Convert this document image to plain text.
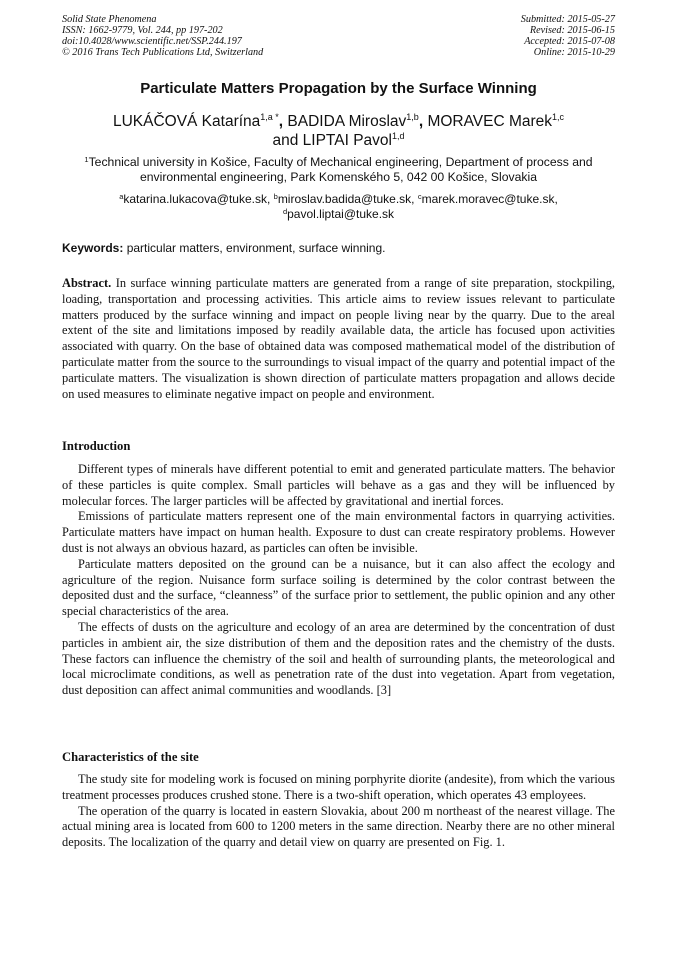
Solid State Phenomena
ISSN: 1662-9779, Vol. 244, pp 197-202
doi:10.4028/www.scientific.net/SSP.244.197
© 2016 Trans Tech Publications Ltd, Switzerland
Submitted: 2015-05-27
Revised: 2015-06-15
Accepted: 2015-07-08
Online: 2015-10-29
Particulate Matters Propagation by the Surface Winning
LUKÁČOVÁ Katarína$^{1,a *}$, BADIDA Miroslav$^{1,b}$, MORAVEC Marek$^{1,c}$
and LIPTAI Pavol$^{1,d}$
$^1$Technical university in Košice, Faculty of Mechanical engineering, Department of process and
environmental engineering, Park Komenského 5, 042 00 Košice, Slovakia
$^a$katarina.lukacova@tuke.sk, $^b$miroslav.badida@tuke.sk, $^c$marek.moravec@tuke.sk,
$^d$pavol.liptai@tuke.sk
Keywords: particular matters, environment, surface winning.
Abstract. In surface winning particulate matters are generated from a range of site preparation, stockpiling, loading, transportation and processing activities. This article aims to review issues relevant to particulate matters produced by the surface winning and impact on people living near by the quarry. Due to the areal extent of the site and limitations imposed by readily available data, the article has focused upon activities associated with quarry. On the base of obtained data was composed mathematical model of the distribution of particulate matter from the source to the surroundings to visual impact of the quarry and potential impact of the particulate matters. The visualization is shown direction of particulate matters propagation and allows decide on used measures to eliminate negative impact on people and environment.
Introduction

Different types of minerals have different potential to emit and generated particulate matters. The behavior of these particles is quite complex. Small particles will behave as a gas and they will be influenced by molecular forces. The larger particles will be affected by gravitational and inertial forces.

Emissions of particulate matters represent one of the main environmental factors in quarrying activities. Particulate matters have impact on human health. Exposure to dust can create respiratory problems. However dust is not always an obvious hazard, as particles can often be invisible.

Particulate matters deposited on the ground can be a nuisance, but it can also affect the ecology and agriculture of the region. Nuisance form surface soiling is determined by the color contrast between the deposited dust and the surface, “cleanness” of the surface prior to settlement, the public opinion and any other special characteristics of the area.

The effects of dusts on the agriculture and ecology of an area are determined by the concentration of dust particles in ambient air, the size distribution of them and the deposition rates and the chemistry of the dusts. These factors can influence the chemistry of the soil and health of surrounding plants, the meteorological and local microclimate conditions, as well as penetration rate of the dust into vegetation. Apart from vegetation, dust deposition can affect animal communities and woodlands. [3]

Characteristics of the site

The study site for modeling work is focused on mining porphyrite diorite (andesite), from which the various treatment processes produces crushed stone. There is a two-shift operation, which operates 43 employees.

The operation of the quarry is located in eastern Slovakia, about 200 m northeast of the nearest village. The actual mining area is located from 600 to 1200 meters in the same direction. Nearby there are no other mineral deposits. The localization of the quarry and detail view on quarry are presented on Fig. 1.
